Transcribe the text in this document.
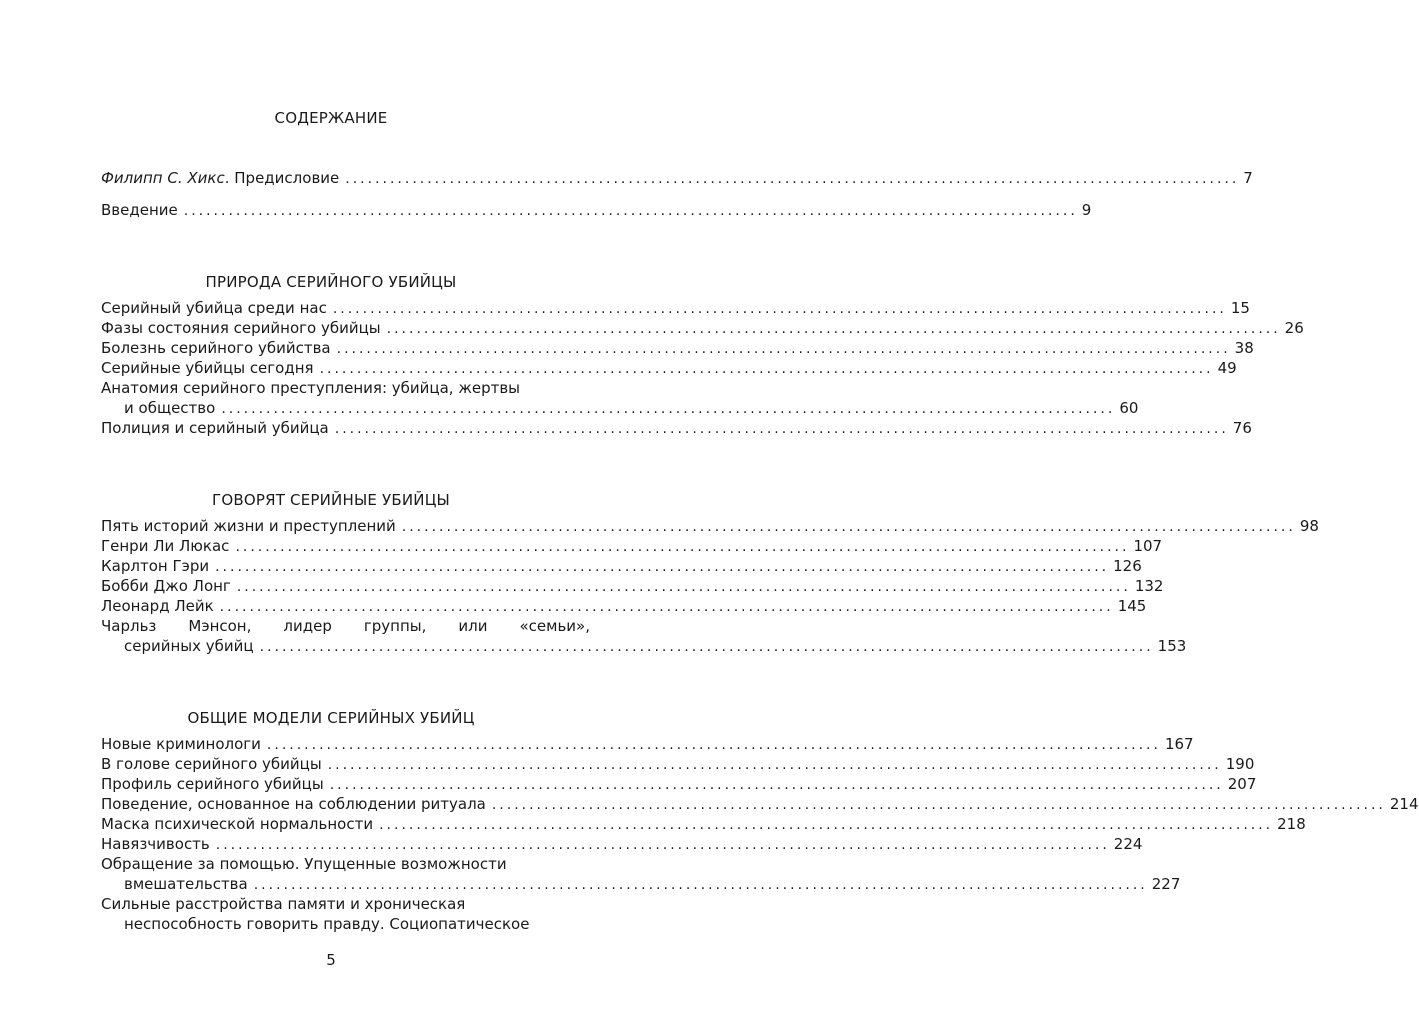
СОДЕРЖАНИЕ
Филипп С. Хикс. Предисловие ........................................................................................................................ 7
Введение ........................................................................................................................ 9
ПРИРОДА СЕРИЙНОГО УБИЙЦЫ
Серийный убийца среди нас ........................................................................................................................ 15
Фазы состояния серийного убийцы ........................................................................................................................ 26
Болезнь серийного убийства ........................................................................................................................ 38
Серийные убийцы сегодня ........................................................................................................................ 49
Анатомия серийного преступления: убийца, жертвы
и общество ........................................................................................................................ 60
Полиция и серийный убийца ........................................................................................................................ 76
ГОВОРЯТ СЕРИЙНЫЕ УБИЙЦЫ
Пять историй жизни и преступлений ........................................................................................................................ 98
Генри Ли Люкас ........................................................................................................................ 107
Карлтон Гэри ........................................................................................................................ 126
Бобби Джо Лонг ........................................................................................................................ 132
Леонард Лейк ........................................................................................................................ 145
Чарльз Мэнсон, лидер группы, или «семьи»,
серийных убийц ........................................................................................................................ 153
ОБЩИЕ МОДЕЛИ СЕРИЙНЫХ УБИЙЦ
Новые криминологи ........................................................................................................................ 167
В голове серийного убийцы ........................................................................................................................ 190
Профиль серийного убийцы ........................................................................................................................ 207
Поведение, основанное на соблюдении ритуала ........................................................................................................................ 214
Маска психической нормальности ........................................................................................................................ 218
Навязчивость ........................................................................................................................ 224
Обращение за помощью. Упущенные возможности
вмешательства ........................................................................................................................ 227
Сильные расстройства памяти и хроническая
неспособность говорить правду. Социопатическое
5
